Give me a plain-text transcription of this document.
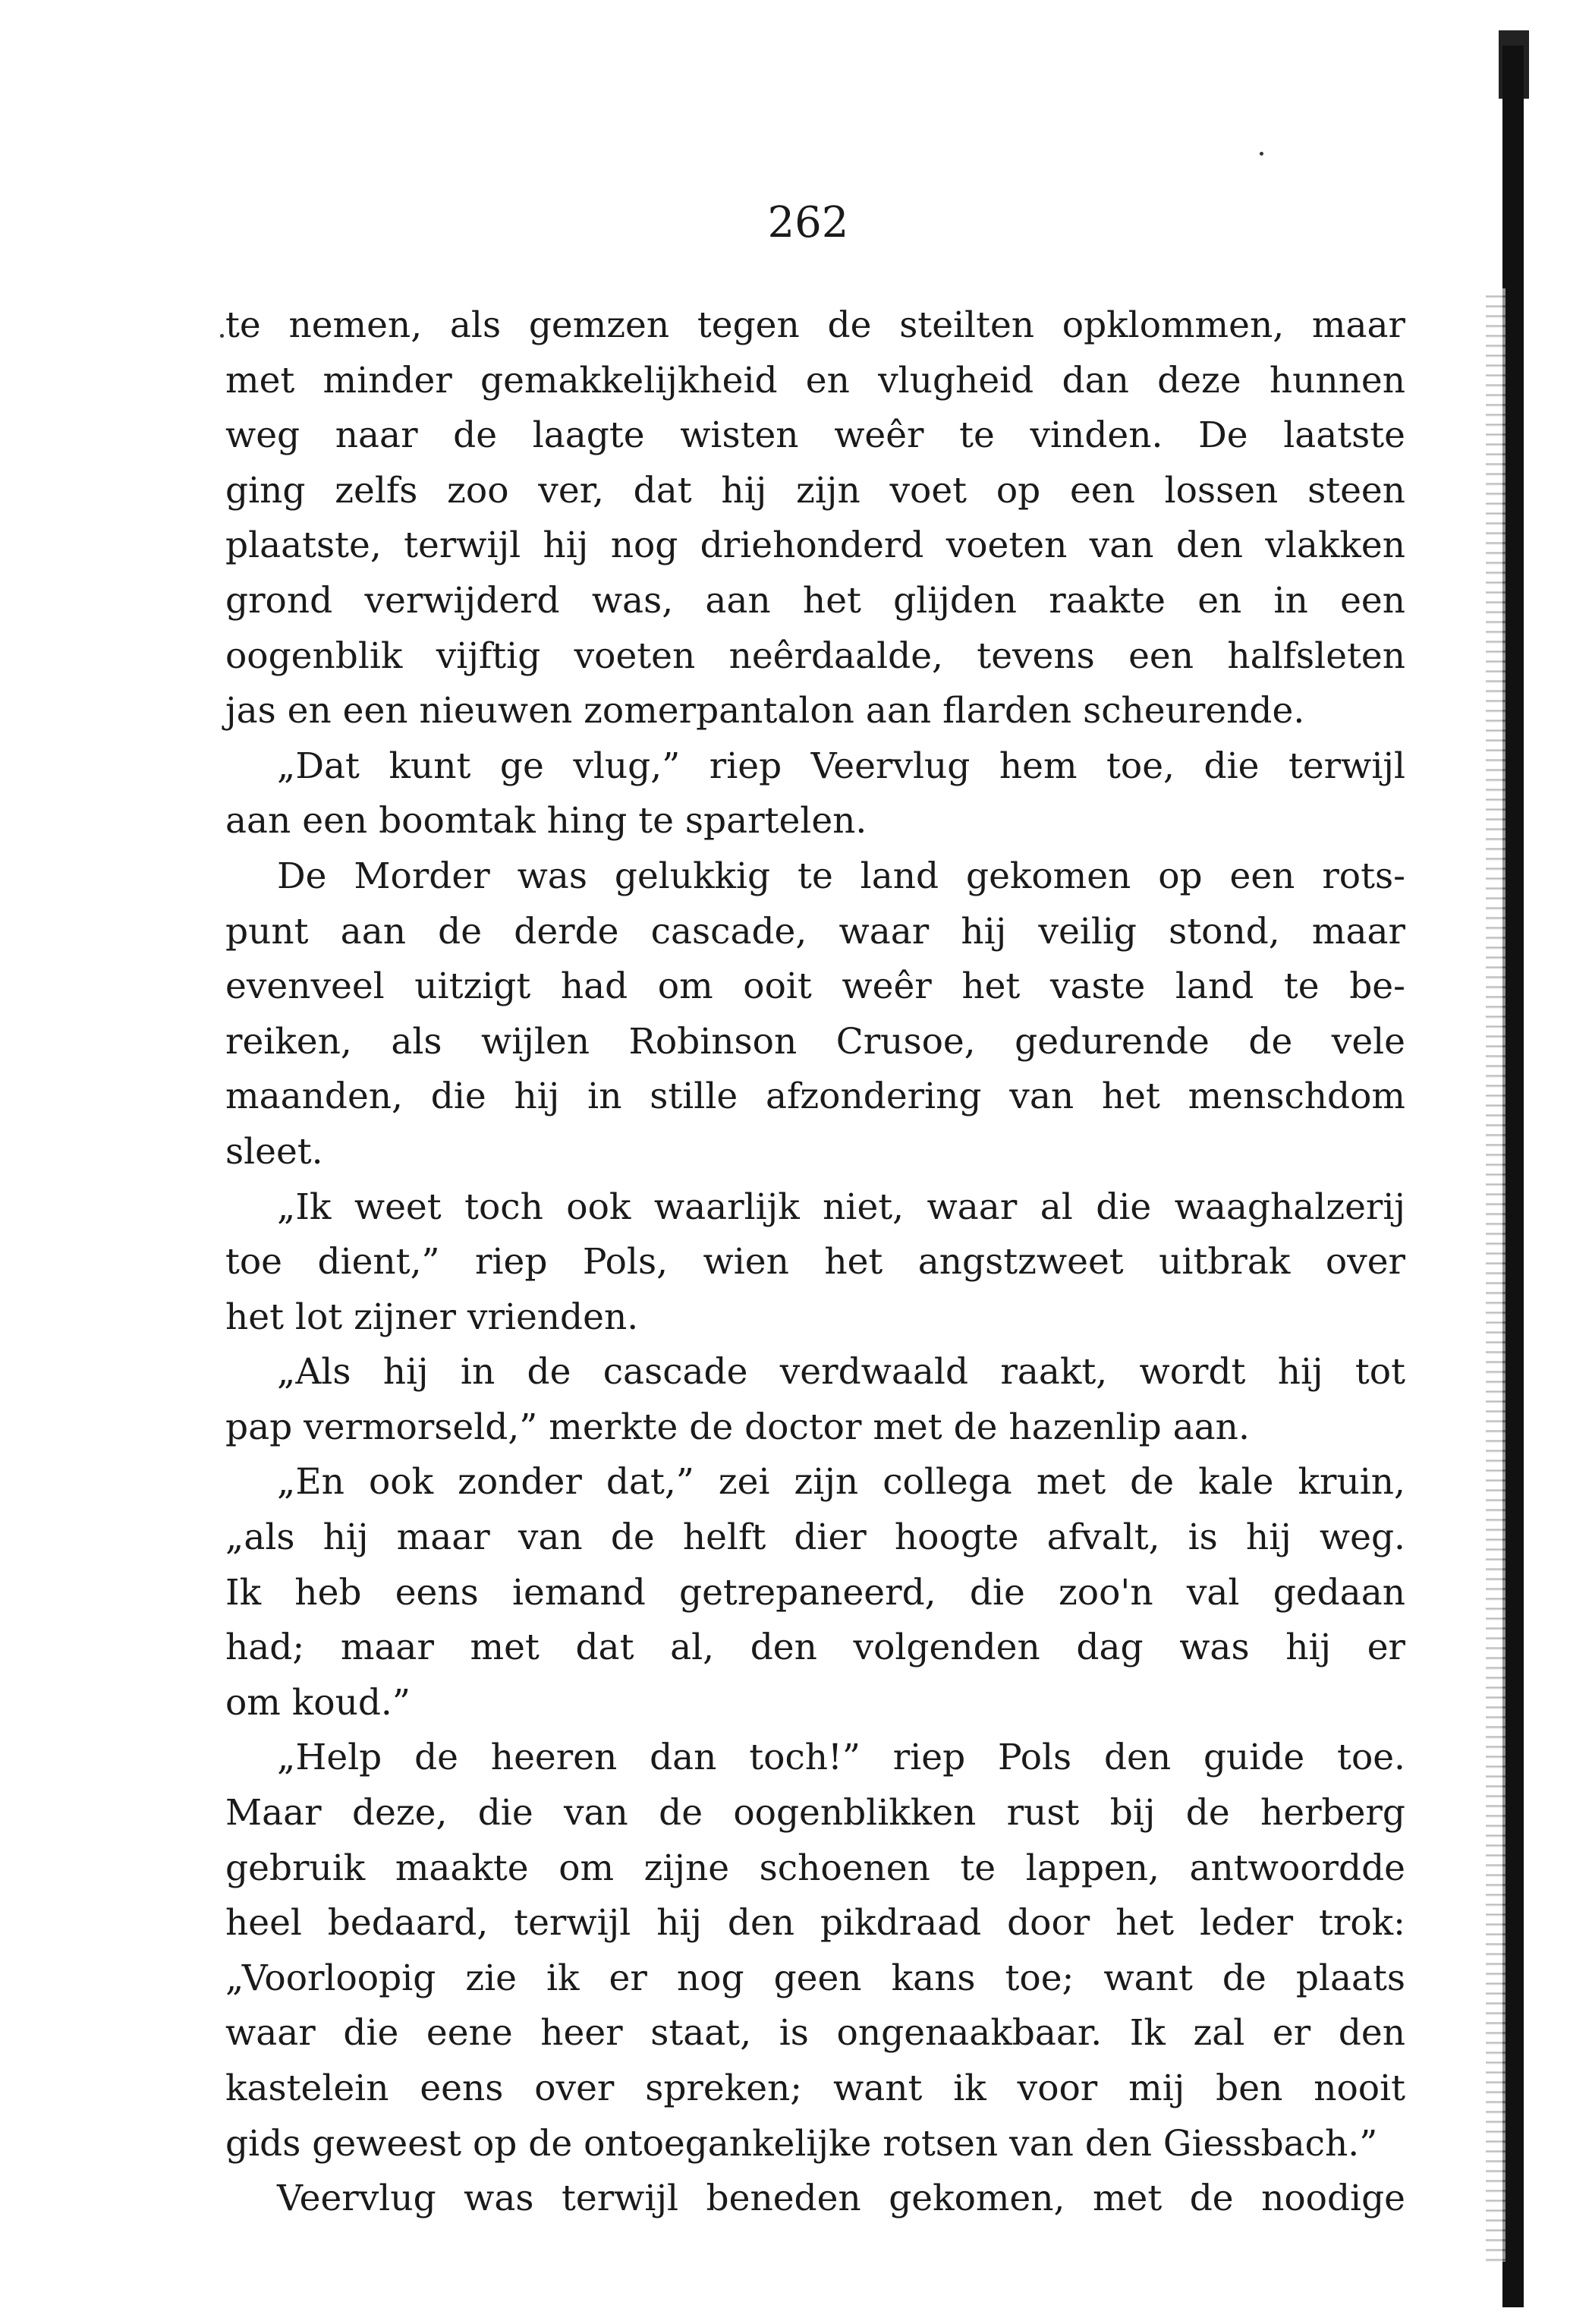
262
te nemen, als gemzen tegen de steilten opklommen, maar
met minder gemakkelijkheid en vlugheid dan deze hunnen
weg naar de laagte wisten weêr te vinden. De laatste
ging zelfs zoo ver, dat hij zijn voet op een lossen steen
plaatste, terwijl hij nog driehonderd voeten van den vlakken
grond verwijderd was, aan het glijden raakte en in een
oogenblik vijftig voeten neêrdaalde, tevens een halfsleten
jas en een nieuwen zomerpantalon aan flarden scheurende.
„Dat kunt ge vlug,” riep Veervlug hem toe, die terwijl
aan een boomtak hing te spartelen.
De Morder was gelukkig te land gekomen op een rots-
punt aan de derde cascade, waar hij veilig stond, maar
evenveel uitzigt had om ooit weêr het vaste land te be-
reiken, als wijlen Robinson Crusoe, gedurende de vele
maanden, die hij in stille afzondering van het menschdom
sleet.
„Ik weet toch ook waarlijk niet, waar al die waaghalzerij
toe dient,” riep Pols, wien het angstzweet uitbrak over
het lot zijner vrienden.
„Als hij in de cascade verdwaald raakt, wordt hij tot
pap vermorseld,” merkte de doctor met de hazenlip aan.
„En ook zonder dat,” zei zijn collega met de kale kruin,
„als hij maar van de helft dier hoogte afvalt, is hij weg.
Ik heb eens iemand getrepaneerd, die zoo'n val gedaan
had; maar met dat al, den volgenden dag was hij er
om koud.”
„Help de heeren dan toch!” riep Pols den guide toe.
Maar deze, die van de oogenblikken rust bij de herberg
gebruik maakte om zijne schoenen te lappen, antwoordde
heel bedaard, terwijl hij den pikdraad door het leder trok:
„Voorloopig zie ik er nog geen kans toe; want de plaats
waar die eene heer staat, is ongenaakbaar. Ik zal er den
kastelein eens over spreken; want ik voor mij ben nooit
gids geweest op de ontoegankelijke rotsen van den Giessbach.”
Veervlug was terwijl beneden gekomen, met de noodige
